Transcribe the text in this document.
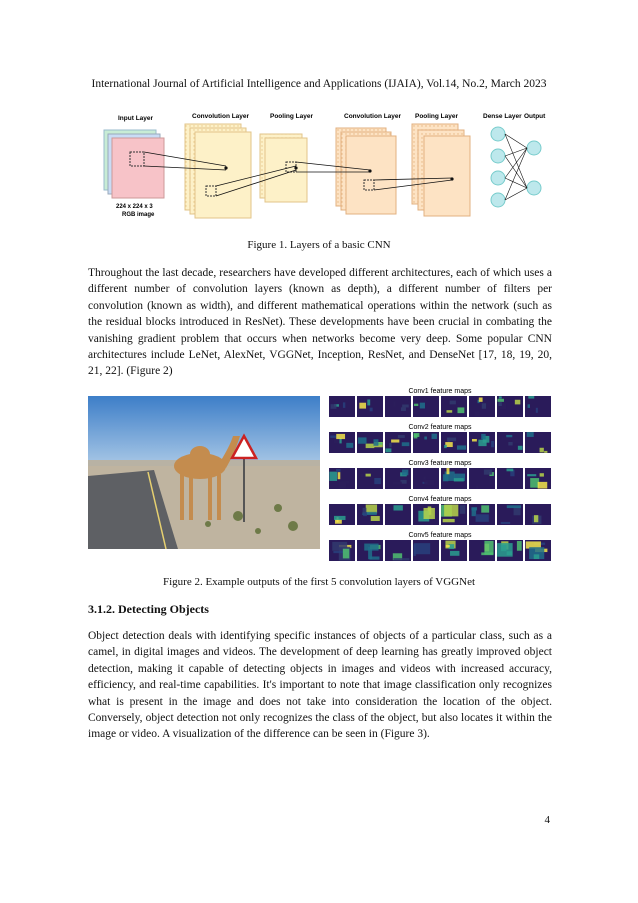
International Journal of Artificial Intelligence and Applications (IJAIA), Vol.14, No.2, March 2023
Input Layer	Convolution Layer	Pooling Layer	Convolution Layer Pooling Layer	Dense Layer Output
224 x 224 x 3
RGB image
Figure 1. Layers of a basic CNN

Throughout the last decade, researchers have developed different architectures, each of which uses a different number of convolution layers (known as depth), a different number of filters per convolution (known as width), and different mathematical operations within the network (such as the residual blocks introduced in ResNet). These developments have been crucial in combating the vanishing gradient problem that occurs when networks become very deep. Some popular CNN architectures include LeNet, AlexNet, VGGNet, Inception, ResNet, and DenseNet [17, 18, 19, 20, 21, 22]. (Figure 2)

Conv1 feature maps
Conv2 feature maps
Conv3 feature maps
Conv4 feature maps
Conv5 feature maps
Figure 2. Example outputs of the first 5 convolution layers of VGGNet
3.1.2. Detecting Objects

Object detection deals with identifying specific instances of objects of a particular class, such as a camel, in digital images and videos. The development of deep learning has greatly improved object detection, making it capable of detecting objects in images and videos with increased accuracy, efficiency, and real-time capabilities. It's important to note that image classification only recognizes what is present in the image and does not take into consideration the location of the object. Conversely, object detection not only recognizes the class of the object, but also locates it within the image or video. A visualization of the difference can be seen in (Figure 3).

4
